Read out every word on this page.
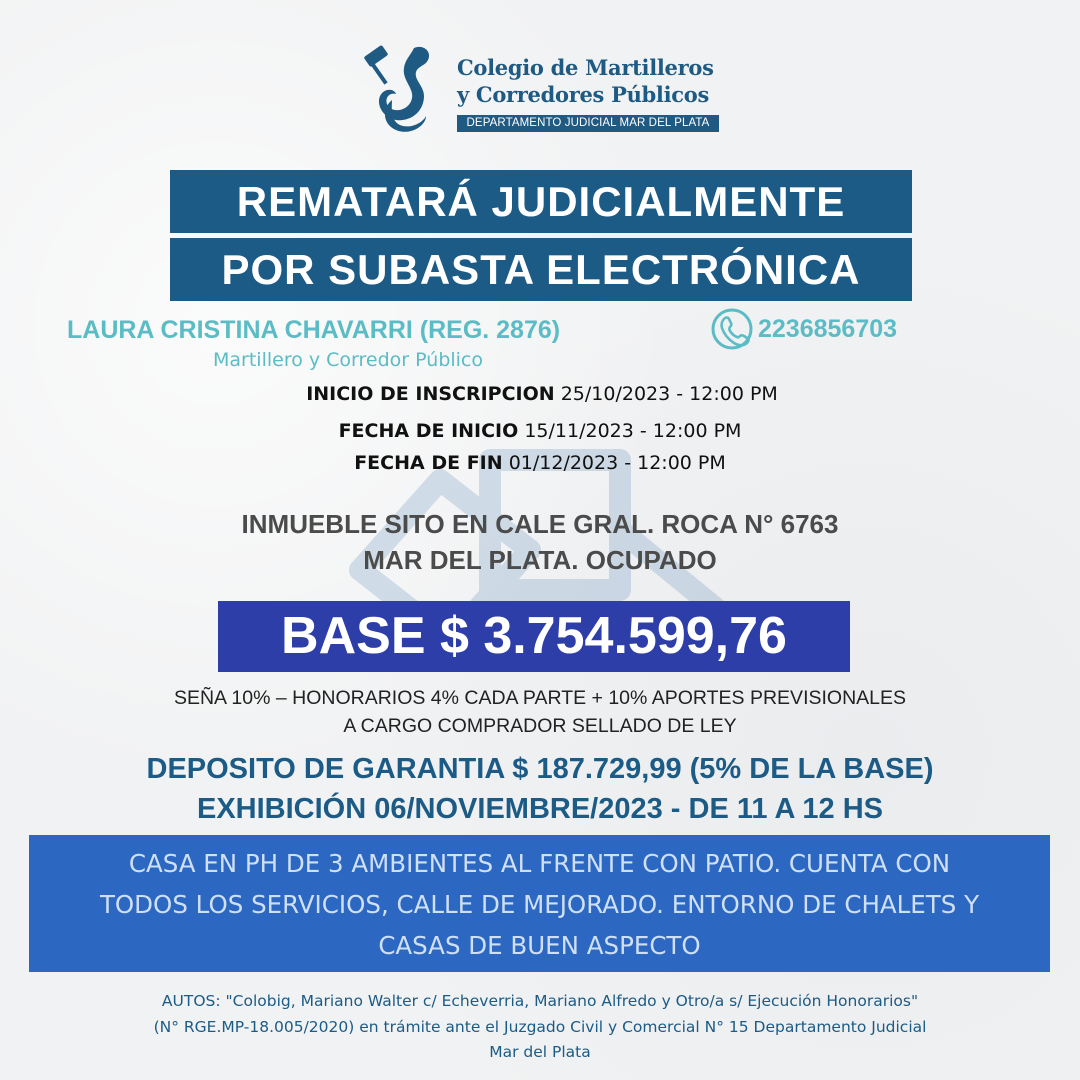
Colegio de Martilleros
y Corredores Públicos
DEPARTAMENTO JUDICIAL MAR DEL PLATA
REMATARÁ JUDICIALMENTE
POR SUBASTA ELECTRÓNICA
LAURA CRISTINA CHAVARRI (REG. 2876)	2236856703
Martillero y Corredor Público
INICIO DE INSCRIPCION 25/10/2023 - 12:00 PM
FECHA DE INICIO 15/11/2023 - 12:00 PM
FECHA DE FIN 01/12/2023 - 12:00 PM
INMUEBLE SITO EN CALE GRAL. ROCA N° 6763
MAR DEL PLATA. OCUPADO
BASE $ 3.754.599,76
SEÑA 10% – HONORARIOS 4% CADA PARTE + 10% APORTES PREVISIONALES
A CARGO COMPRADOR SELLADO DE LEY
DEPOSITO DE GARANTIA $ 187.729,99 (5% DE LA BASE)
EXHIBICIÓN 06/NOVIEMBRE/2023 - DE 11 A 12 HS
CASA EN PH DE 3 AMBIENTES AL FRENTE CON PATIO. CUENTA CON
TODOS LOS SERVICIOS, CALLE DE MEJORADO. ENTORNO DE CHALETS Y
CASAS DE BUEN ASPECTO
AUTOS: "Colobig, Mariano Walter c/ Echeverria, Mariano Alfredo y Otro/a s/ Ejecución Honorarios"
(N° RGE.MP-18.005/2020) en trámite ante el Juzgado Civil y Comercial N° 15 Departamento Judicial
Mar del Plata
